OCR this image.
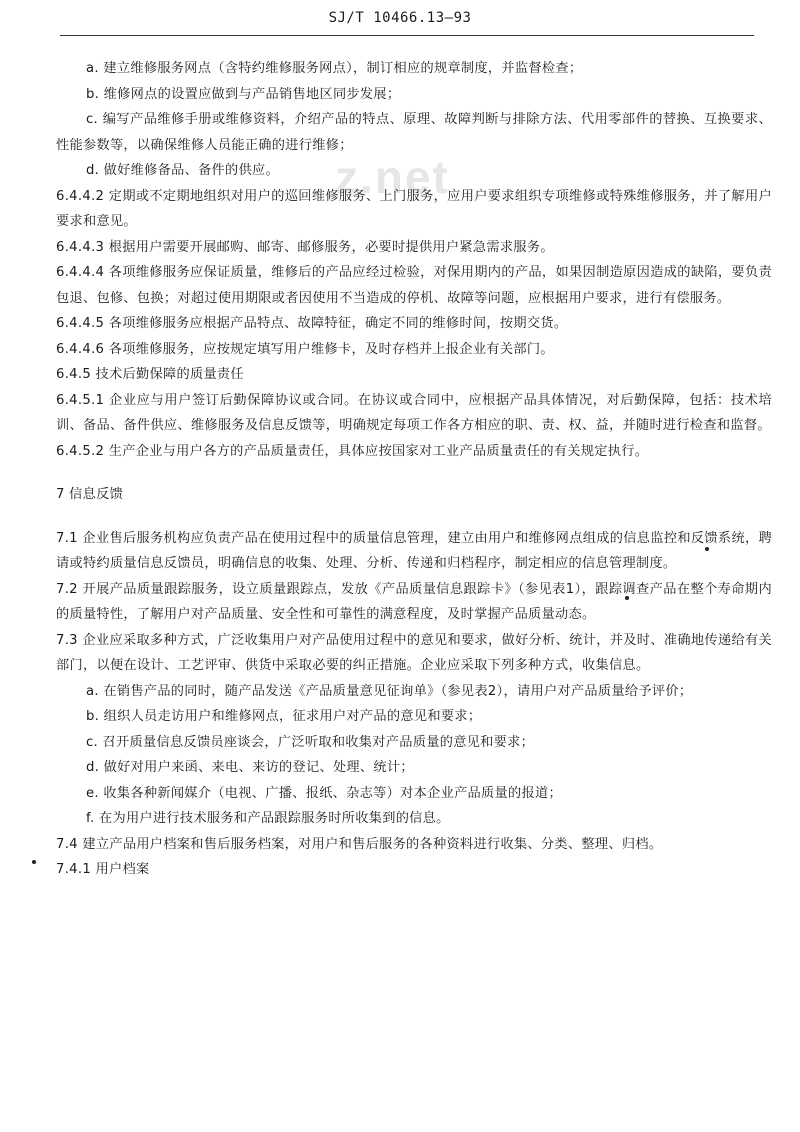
SJ/T 10466.13—93
z.net

a. 建立维修服务网点（含特约维修服务网点），制订相应的规章制度，并监督检查；

b. 维修网点的设置应做到与产品销售地区同步发展；

c. 编写产品维修手册或维修资料，介绍产品的特点、原理、故障判断与排除方法、代用零部件的替换、互换要求、性能参数等，以确保维修人员能正确的进行维修；

d. 做好维修备品、备件的供应。

6.4.4.2 定期或不定期地组织对用户的巡回维修服务、上门服务，应用户要求组织专项维修或特殊维修服务，并了解用户要求和意见。

6.4.4.3 根据用户需要开展邮购、邮寄、邮修服务，必要时提供用户紧急需求服务。

6.4.4.4 各项维修服务应保证质量，维修后的产品应经过检验，对保用期内的产品，如果因制造原因造成的缺陷，要负责包退、包修、包换；对超过使用期限或者因使用不当造成的停机、故障等问题，应根据用户要求，进行有偿服务。

6.4.4.5 各项维修服务应根据产品特点、故障特征，确定不同的维修时间，按期交货。

6.4.4.6 各项维修服务，应按规定填写用户维修卡，及时存档并上报企业有关部门。

6.4.5 技术后勤保障的质量责任

6.4.5.1 企业应与用户签订后勤保障协议或合同。在协议或合同中，应根据产品具体情况，对后勤保障，包括：技术培训、备品、备件供应、维修服务及信息反馈等，明确规定每项工作各方相应的职、责、权、益，并随时进行检查和监督。

6.4.5.2 生产企业与用户各方的产品质量责任，具体应按国家对工业产品质量责任的有关规定执行。

7 信息反馈

7.1 企业售后服务机构应负责产品在使用过程中的质量信息管理，建立由用户和维修网点组成的信息监控和反馈系统，聘请或特约质量信息反馈员，明确信息的收集、处理、分析、传递和归档程序，制定相应的信息管理制度。

7.2 开展产品质量跟踪服务，设立质量跟踪点，发放《产品质量信息跟踪卡》（参见表1），跟踪调查产品在整个寿命期内的质量特性，了解用户对产品质量、安全性和可靠性的满意程度，及时掌握产品质量动态。

7.3 企业应采取多种方式，广泛收集用户对产品使用过程中的意见和要求，做好分析、统计，并及时、准确地传递给有关部门，以便在设计、工艺评审、供货中采取必要的纠正措施。企业应采取下列多种方式，收集信息。

a. 在销售产品的同时，随产品发送《产品质量意见征询单》（参见表2），请用户对产品质量给予评价；

b. 组织人员走访用户和维修网点，征求用户对产品的意见和要求；

c. 召开质量信息反馈员座谈会，广泛听取和收集对产品质量的意见和要求；

d. 做好对用户来函、来电、来访的登记、处理、统计；

e. 收集各种新闻媒介（电视、广播、报纸、杂志等）对本企业产品质量的报道；

f. 在为用户进行技术服务和产品跟踪服务时所收集到的信息。

7.4 建立产品用户档案和售后服务档案，对用户和售后服务的各种资料进行收集、分类、整理、归档。

7.4.1 用户档案
